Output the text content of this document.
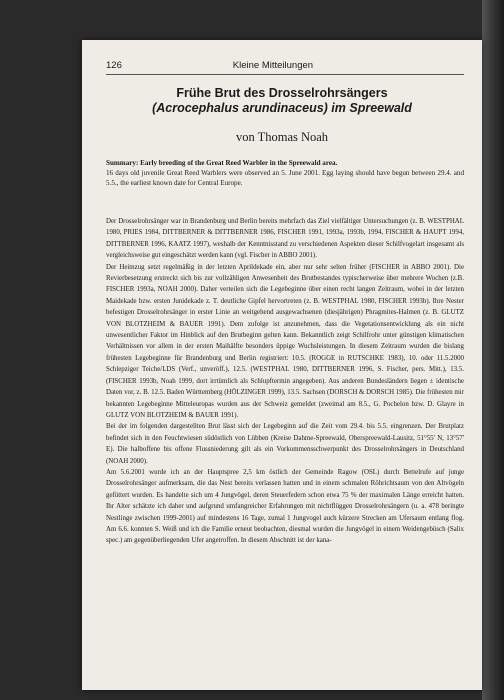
126	Kleine Mitteilungen
Frühe Brut des Drosselrohrsängers
(Acrocephalus arundinaceus) im Spreewald
von Thomas Noah
Summary: Early breeding of the Great Reed Warbler in the Spreewald area.
16 days old juvenile Great Reed Warblers were observed an 5. June 2001. Egg laying should have begun between 29.4. and 5.5., the earliest known date for Central Europe.

Der Drosselrohrsänger war in Brandenburg und Berlin bereits mehrfach das Ziel vielfältiger Untersuchungen (z. B. WESTPHAL 1980, PRIES 1984, DITTBERNER & DITTBERNER 1986, FISCHER 1991, 1993a, 1993b, 1994, FISCHER & HAUPT 1994, DITTBERNER 1996, KAATZ 1997), weshalb der Kenntnisstand zu verschiedenen Aspekten dieser Schilfvogelart insgesamt als vergleichsweise gut eingeschätzt werden kann (vgl. Fischer in ABBO 2001).

Der Heimzug setzt regelmäßig in der letzten Aprildekade ein, aber nur sehr selten früher (FISCHER in ABBO 2001). Die Revierbesetzung erstreckt sich bis zur vollzähligen Anwesenheit des Brutbestandes typischerweise über mehrere Wochen (z.B. FISCHER 1993a, NOAH 2000). Daher verteilen sich die Legebeginne über einen recht langen Zeitraum, wobei in der letzten Maidekade bzw. ersten Junidekade z. T. deutliche Gipfel hervortreten (z. B. WESTPHAL 1980, FISCHER 1993b). Ihre Nester befestigen Drosselrohrsänger in erster Linie an weitgehend ausgewachsenen (diesjährigen) Phragmites-Halmen (z. B. GLUTZ VON BLOTZHEIM & BAUER 1991). Dem zufolge ist anzunehmen, dass die Vegetationsentwicklung als ein nicht unwesentlicher Faktor im Hinblick auf den Brutbeginn gelten kann. Bekanntlich zeigt Schilfrohr unter günstigen klimatischen Verhältnissen vor allem in der ersten Maihälfte besonders üppige Wuchsleistungen. In diesem Zeitraum wurden die bislang frühesten Legebeginne für Brandenburg und Berlin registriert: 10.5. (ROGGE in RUTSCHKE 1983), 10. oder 11.5.2000 Schlepziger Teiche/LDS (Verf., unveröff.), 12.5. (WESTPHAL 1980, DITTBERNER 1996, S. Fischer, pers. Mitt.), 13.5. (FISCHER 1993b, Noah 1999, dort irrtümlich als Schlupftermin angegeben). Aus anderen Bundesländern liegen ± identische Daten vor, z. B. 12.5. Baden Württemberg (HÖLZINGER 1999), 13.5. Sachsen (DORSCH & DORSCH 1985). Die frühesten mir bekannten Legebeginne Mitteleuropas wurden aus der Schweiz gemeldet (zweimal am 8.5., G. Pochelon bzw. D. Glayre in GLUTZ VON BLOTZHEIM & BAUER 1991).

Bei der im folgenden dargestellten Brut lässt sich der Legebeginn auf die Zeit vom 29.4. bis 5.5. eingrenzen. Der Brutplatz befindet sich in den Feuchtwiesen südöstlich von Lübben (Kreise Dahme-Spreewald, Oberspreewald-Lausitz, 51°55' N, 13°57' E). Die halboffene bis offene Flussniederung gilt als ein Vorkommensschwerpunkt des Drosselrohrsängers in Deutschland (NOAH 2000).

Am 5.6.2001 wurde ich an der Hauptspree 2,5 km östlich der Gemeinde Ragow (OSL) durch Bettelrufe auf junge Drosselrohrsänger aufmerksam, die das Nest bereits verlassen hatten und in einem schmalen Röhrichtsaum von den Altvögeln gefüttert wurden. Es handelte sich um 4 Jungvögel, deren Steuerfedern schon etwa 75 % der maximalen Länge erreicht hatten. Ihr Alter schätzte ich daher und aufgrund umfangreicher Erfahrungen mit nichtflüggen Drosselrohrsängern (u. a. 478 beringte Nestlinge zwischen 1999-2001) auf mindestens 16 Tage, zumal 1 Jungvogel auch kürzere Strecken am Ufersaum entlang flog. Am 6.6. konnten S. Weiß und ich die Familie erneut beobachten, diesmal wurden die Jungvögel in einem Weidengebüsch (Salix spec.) am gegenüberliegenden Ufer angetroffen. In diesem Abschnitt ist der kana-
